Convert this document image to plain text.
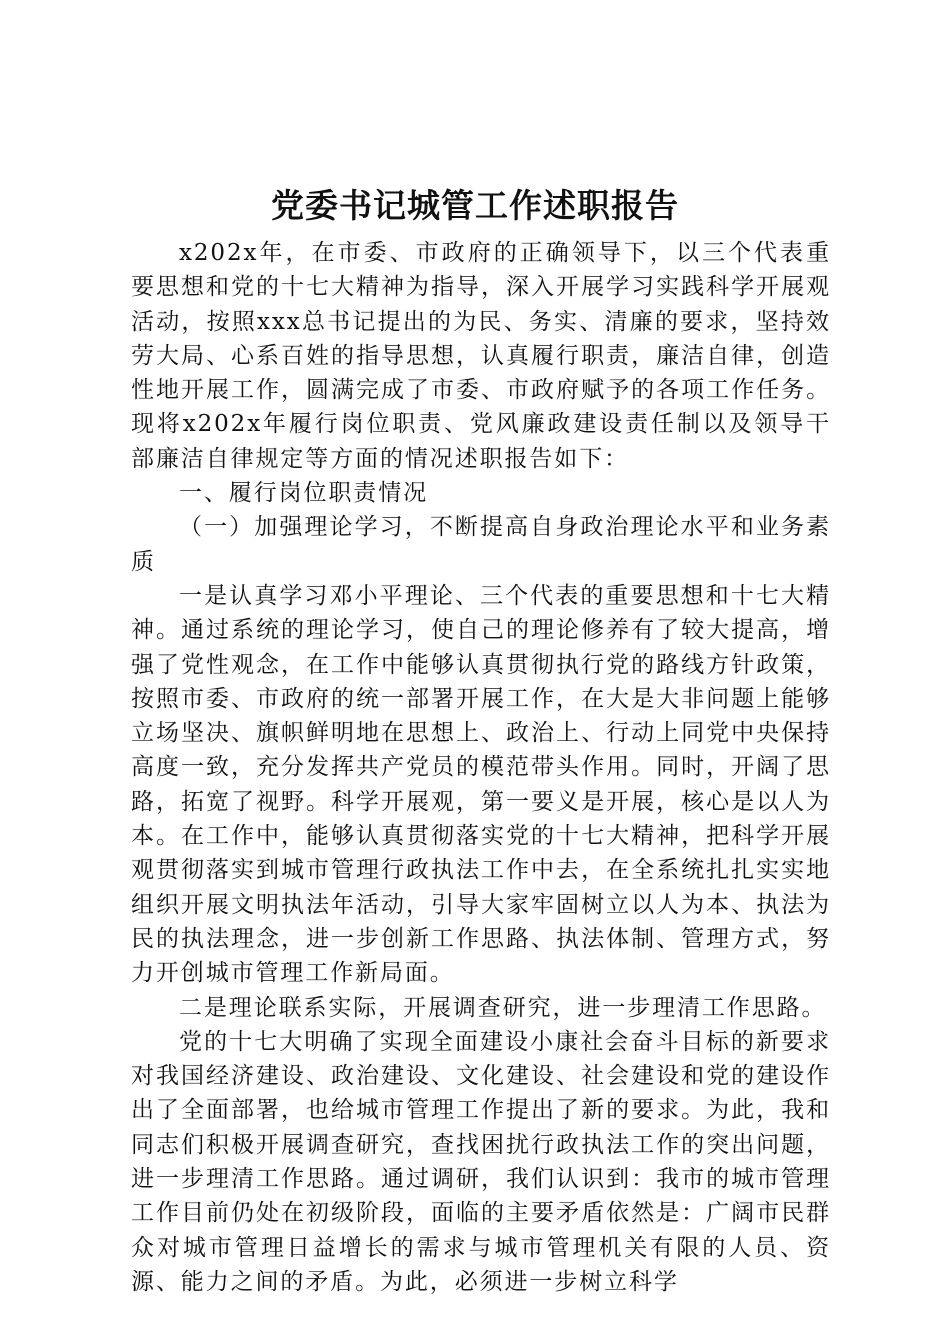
党委书记城管工作述职报告

x202x年，在市委、市政府的正确领导下，以三个代表重要思想和党的十七大精神为指导，深入开展学习实践科学开展观活动，按照xxx总书记提出的为民、务实、清廉的要求，坚持效劳大局、心系百姓的指导思想，认真履行职责，廉洁自律，创造性地开展工作，圆满完成了市委、市政府赋予的各项工作任务。现将x202x年履行岗位职责、党风廉政建设责任制以及领导干部廉洁自律规定等方面的情况述职报告如下：

一、履行岗位职责情况

（一）加强理论学习，不断提高自身政治理论水平和业务素质

一是认真学习邓小平理论、三个代表的重要思想和十七大精神。通过系统的理论学习，使自己的理论修养有了较大提高，增强了党性观念，在工作中能够认真贯彻执行党的路线方针政策，按照市委、市政府的统一部署开展工作，在大是大非问题上能够立场坚决、旗帜鲜明地在思想上、政治上、行动上同党中央保持高度一致，充分发挥共产党员的模范带头作用。同时，开阔了思路，拓宽了视野。科学开展观，第一要义是开展，核心是以人为本。在工作中，能够认真贯彻落实党的十七大精神，把科学开展观贯彻落实到城市管理行政执法工作中去，在全系统扎扎实实地组织开展文明执法年活动，引导大家牢固树立以人为本、执法为民的执法理念，进一步创新工作思路、执法体制、管理方式，努力开创城市管理工作新局面。

二是理论联系实际，开展调查研究，进一步理清工作思路。

党的十七大明确了实现全面建设小康社会奋斗目标的新要求对我国经济建设、政治建设、文化建设、社会建设和党的建设作出了全面部署，也给城市管理工作提出了新的要求。为此，我和同志们积极开展调查研究，查找困扰行政执法工作的突出问题，进一步理清工作思路。通过调研，我们认识到：我市的城市管理工作目前仍处在初级阶段，面临的主要矛盾依然是：广阔市民群众对城市管理日益增长的需求与城市管理机关有限的人员、资源、能力之间的矛盾。为此，必须进一步树立科学
